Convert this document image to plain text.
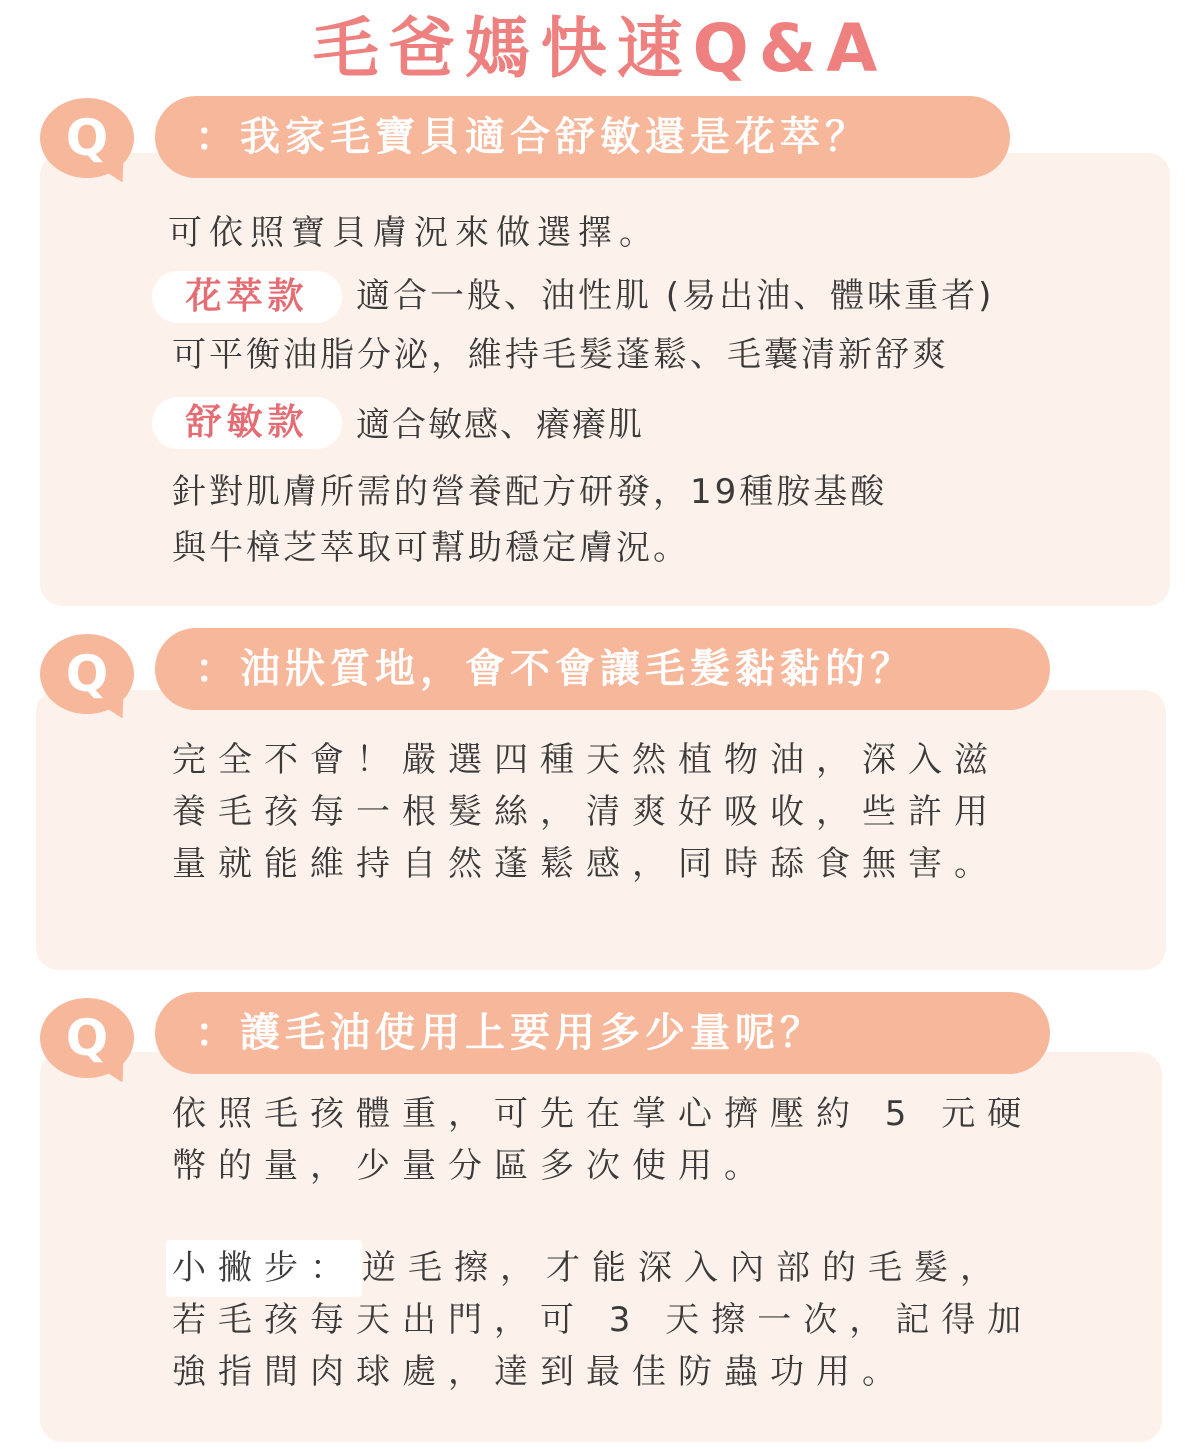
毛爸媽快速Q&A
Q	：我家毛寶貝適合舒敏還是花萃？
可依照寶貝膚況來做選擇。
花萃款	適合一般、油性肌 (易出油、體味重者)
可平衡油脂分泌，維持毛髮蓬鬆、毛囊清新舒爽
舒敏款	適合敏感、癢癢肌
針對肌膚所需的營養配方研發，19種胺基酸
與牛樟芝萃取可幫助穩定膚況。
Q	：油狀質地，會不會讓毛髮黏黏的？
完全不會！嚴選四種天然植物油，深入滋
養毛孩每一根髮絲，清爽好吸收，些許用
量就能維持自然蓬鬆感，同時舔食無害。
Q	：護毛油使用上要用多少量呢？
依照毛孩體重，可先在掌心擠壓約 5 元硬
幣的量，少量分區多次使用。
小撇步： 逆毛擦，才能深入內部的毛髮，
若毛孩每天出門，可 3 天擦一次，記得加
強指間肉球處，達到最佳防蟲功用。
